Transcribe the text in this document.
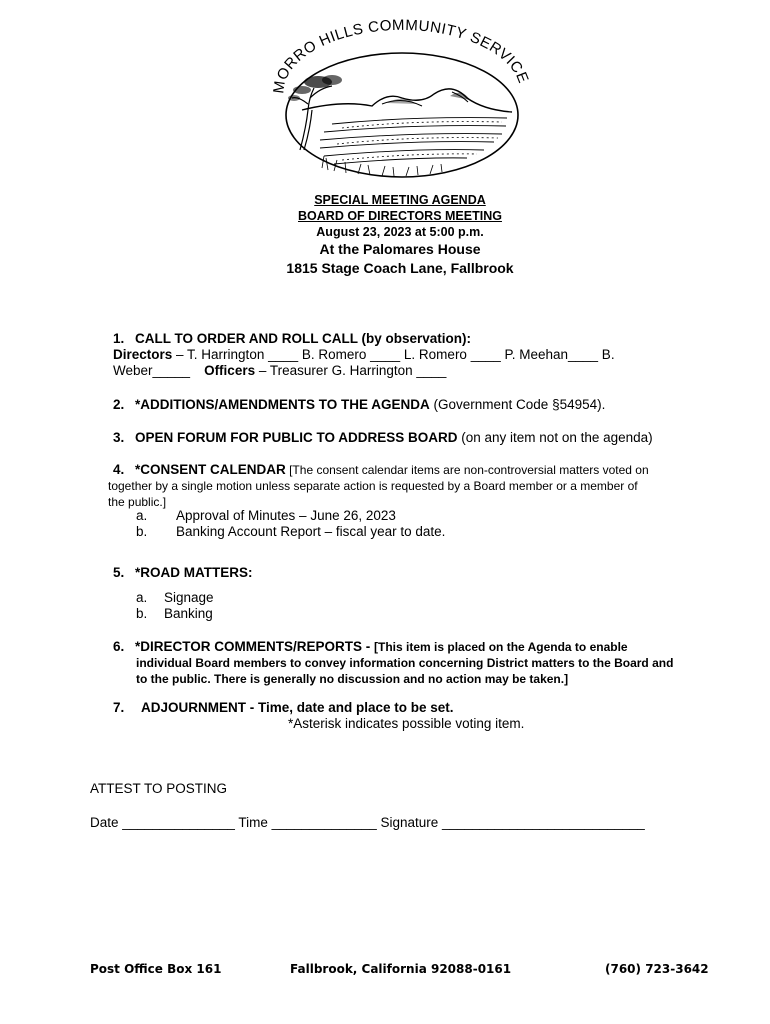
MORRO HILLS COMMUNITY SERVICE
SPECIAL MEETING AGENDA
BOARD OF DIRECTORS MEETING
August 23, 2023 at 5:00 p.m.
At the Palomares House
1815 Stage Coach Lane, Fallbrook
1. CALL TO ORDER AND ROLL CALL (by observation):
Directors – T. Harrington ____ B. Romero ____ L. Romero ____ P. Meehan____ B.
Weber_____ Officers – Treasurer G. Harrington ____
2. *ADDITIONS/AMENDMENTS TO THE AGENDA (Government Code §54954).
3. OPEN FORUM FOR PUBLIC TO ADDRESS BOARD (on any item not on the agenda)
4. *CONSENT CALENDAR [The consent calendar items are non-controversial matters voted on
together by a single motion unless separate action is requested by a Board member or a member of
the public.]
a. Approval of Minutes – June 26, 2023
b. Banking Account Report – fiscal year to date.
5. *ROAD MATTERS:
a. Signage
b. Banking
6. *DIRECTOR COMMENTS/REPORTS - [This item is placed on the Agenda to enable
individual Board members to convey information concerning District matters to the Board and
to the public. There is generally no discussion and no action may be taken.]
7. ADJOURNMENT - Time, date and place to be set.
*Asterisk indicates possible voting item.
ATTEST TO POSTING
Date _______________ Time ______________ Signature ___________________________
Post Office Box 161	Fallbrook, California 92088-0161	(760) 723-3642
